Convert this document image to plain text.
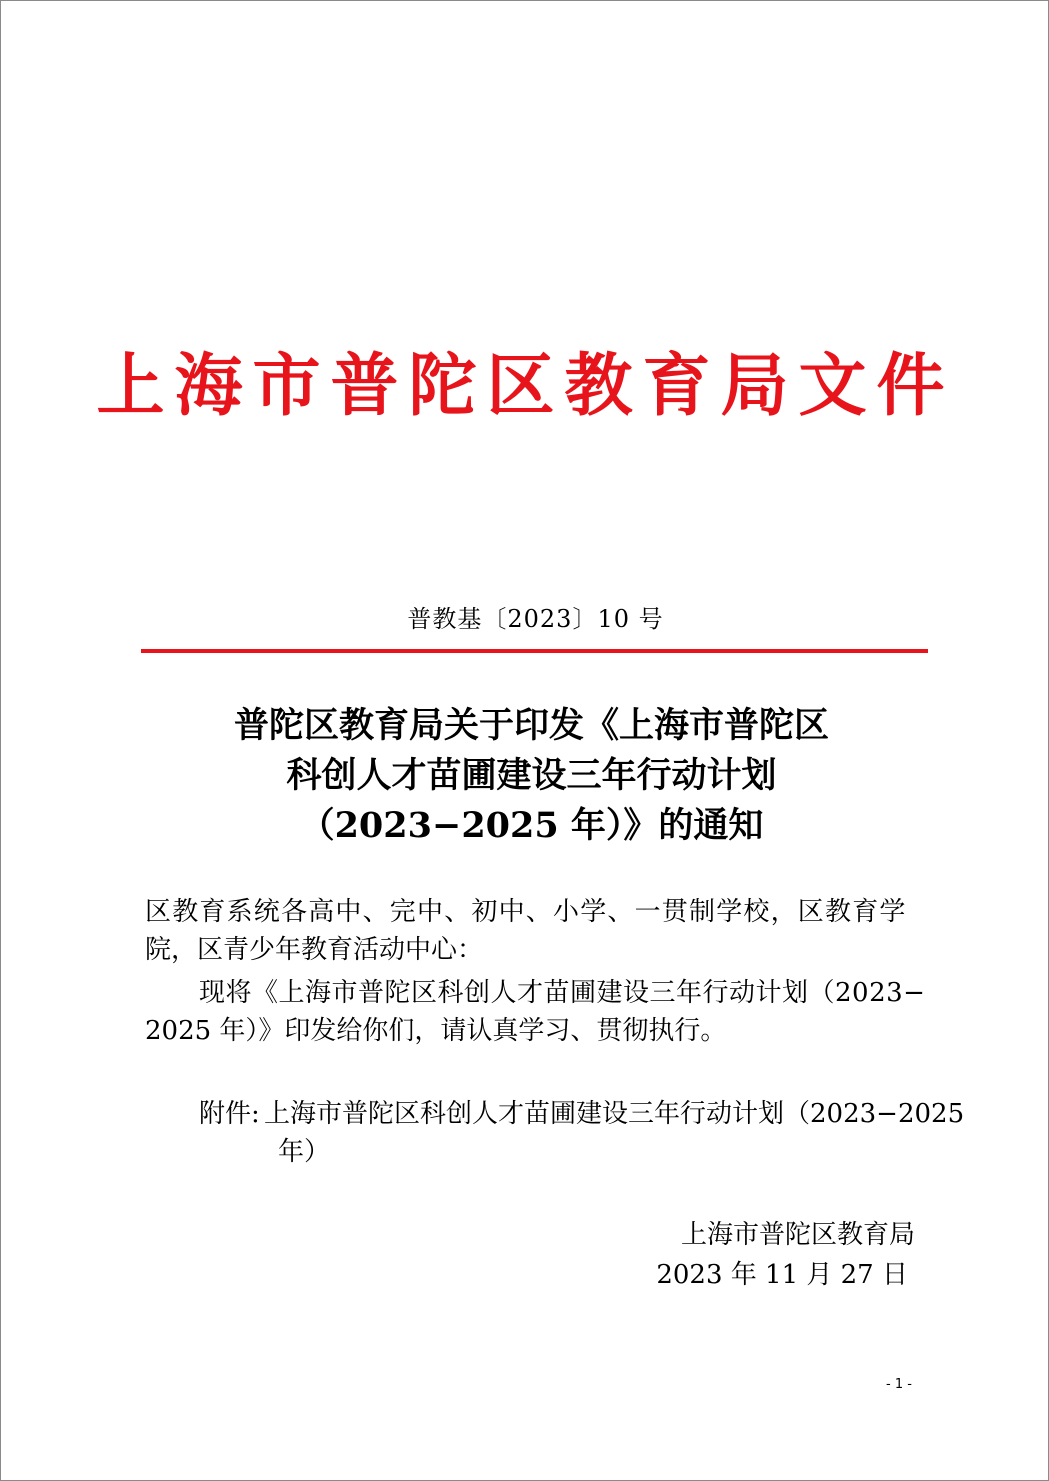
上海市普陀区教育局文件
普教基〔2023〕10 号
普陀区教育局关于印发《上海市普陀区
科创人才苗圃建设三年行动计划
（2023−2025 年）》的通知
区教育系统各高中、完中、初中、小学、一贯制学校，区教育学
院，区青少年教育活动中心：
现将《上海市普陀区科创人才苗圃建设三年行动计划（2023−
2025 年）》印发给你们，请认真学习、贯彻执行。
附件: 上海市普陀区科创人才苗圃建设三年行动计划（2023−2025
年）
上海市普陀区教育局
2023 年 11 月 27 日
- 1 -
